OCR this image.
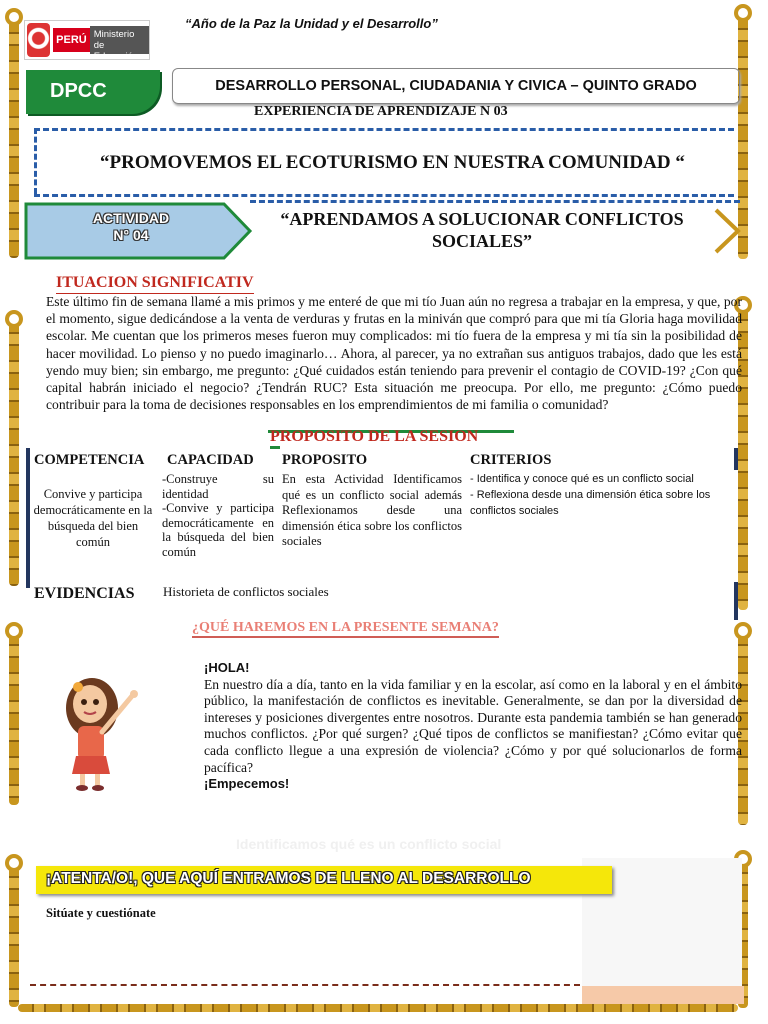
PERÚ Ministerio
de Educación
“Año de la Paz la Unidad y el Desarrollo”
DPCC	DESARROLLO PERSONAL, CIUDADANIA Y CIVICA – QUINTO GRADO
EXPERIENCIA DE APRENDIZAJE N 03
“PROMOVEMOS EL ECOTURISMO EN NUESTRA COMUNIDAD “
ACTIVIDAD
N° 04
“APRENDAMOS A SOLUCIONAR CONFLICTOS SOCIALES”
ITUACION SIGNIFICATIV
Este último fin de semana llamé a mis primos y me enteré de que mi tío Juan aún no regresa a trabajar en la empresa, y que, por el momento, sigue dedicándose a la venta de verduras y frutas en la miniván que compró para que mi tía Gloria haga movilidad escolar. Me cuentan que los primeros meses fueron muy complicados: mi tío fuera de la empresa y mi tía sin la posibilidad de hacer movilidad. Lo pienso y no puedo imaginarlo… Ahora, al parecer, ya no extrañan sus antiguos trabajos, dado que les está yendo muy bien; sin embargo, me pregunto: ¿Qué cuidados están teniendo para prevenir el contagio de COVID-19? ¿Con qué capital habrán iniciado el negocio? ¿Tendrán RUC? Esta situación me preocupa. Por ello, me pregunto: ¿Cómo puedo contribuir para la toma de decisiones responsables en los emprendimientos de mi familia o comunidad?
PROPOSITO DE LA SESION
COMPETENCIA CAPACIDAD PROPOSITO	CRITERIOS
Convive y participa democráticamente en la búsqueda del bien común
-Construye su identidad
-Convive y participa democráticamente en la búsqueda del bien común
En esta Actividad Identificamos qué es un conflicto social además Reflexionamos desde una dimensión ética sobre los conflictos sociales
- Identifica y conoce qué es un conflicto social
- Reflexiona desde una dimensión ética sobre los conflictos sociales
EVIDENCIAS Historieta de conflictos sociales
¿QUÉ HAREMOS EN LA PRESENTE SEMANA?
¡HOLA!
En nuestro día a día, tanto en la vida familiar y en la escolar, así como en la laboral y en el ámbito público, la manifestación de conflictos es inevitable. Generalmente, se dan por la diversidad de intereses y posiciones divergentes entre nosotros. Durante esta pandemia también se han generado muchos conflictos. ¿Por qué surgen? ¿Qué tipos de conflictos se manifiestan? ¿Cómo evitar que cada conflicto llegue a una expresión de violencia? ¿Cómo y por qué solucionarlos de forma pacífica?
¡Empecemos!
Identificamos qué es un conflicto social
¡ATENTA/O!, QUE AQUÍ ENTRAMOS DE LLENO AL DESARROLLO
Sitúate y cuestiónate
